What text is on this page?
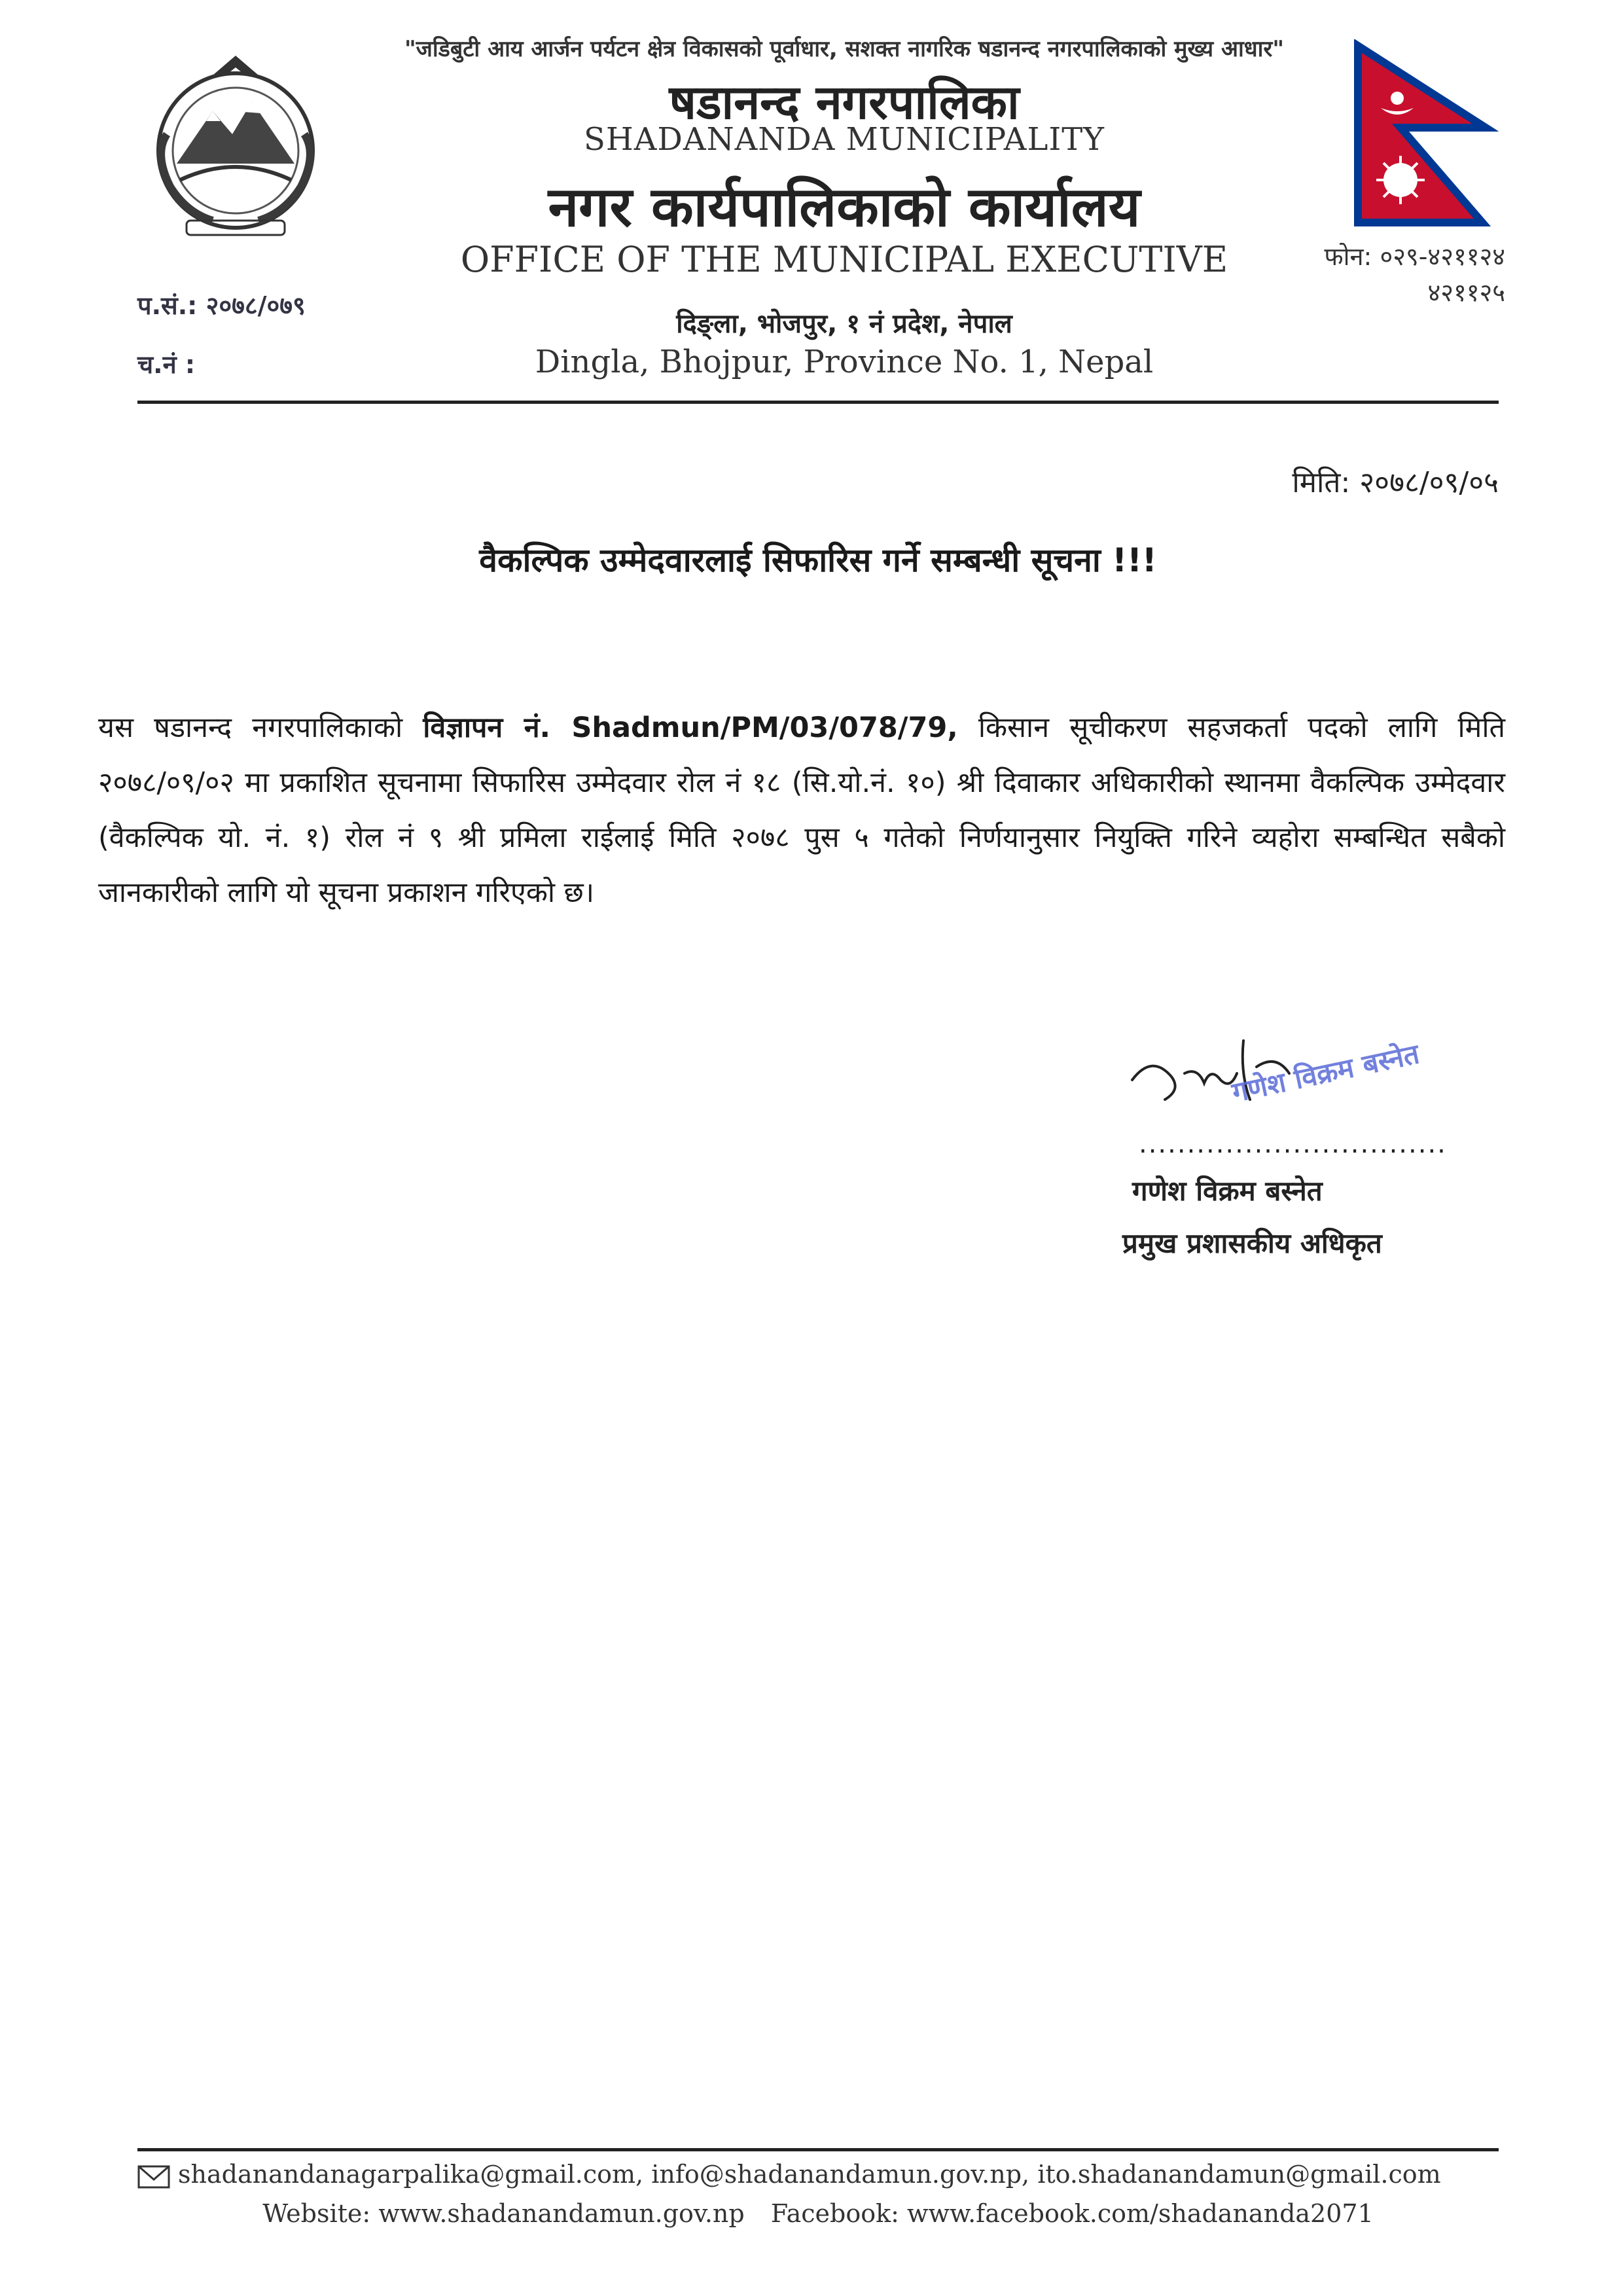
"जडिबुटी आय आर्जन पर्यटन क्षेत्र विकासको पूर्वाधार, सशक्त नागरिक षडानन्द नगरपालिकाको मुख्य आधार"
षडानन्द नगरपालिका
SHADANANDA MUNICIPALITY
नगर कार्यपालिकाको कार्यालय
OFFICE OF THE MUNICIPAL EXECUTIVE
दिङ्ला, भोजपुर, १ नं प्रदेश, नेपाल
Dingla, Bhojpur, Province No. 1, Nepal
प.सं.: २०७८/०७९
च.नं :
फोन: ०२९-४२११२४
४२११२५
मिति: २०७८/०९/०५
वैकल्पिक उम्मेदवारलाई सिफारिस गर्ने सम्बन्धी सूचना !!!
यस षडानन्द नगरपालिकाको विज्ञापन नं. Shadmun/PM/03/078/79, किसान सूचीकरण सहजकर्ता पदको लागि मिति २०७८/०९/०२ मा प्रकाशित सूचनामा सिफारिस उम्मेदवार रोल नं १८ (सि.यो.नं. १०) श्री दिवाकार अधिकारीको स्थानमा वैकल्पिक उम्मेदवार (वैकल्पिक यो. नं. १) रोल नं ९ श्री प्रमिला राईलाई मिति २०७८ पुस ५ गतेको निर्णयानुसार नियुक्ति गरिने व्यहोरा सम्बन्धित सबैको जानकारीको लागि यो सूचना प्रकाशन गरिएको छ।
गणेश विक्रम बस्नेत
................................
गणेश विक्रम बस्नेत
प्रमुख प्रशासकीय अधिकृत
shadanandanagarpalika@gmail.com, info@shadanandamun.gov.np, ito.shadanandamun@gmail.com
Website: www.shadanandamun.gov.np Facebook: www.facebook.com/shadananda2071
